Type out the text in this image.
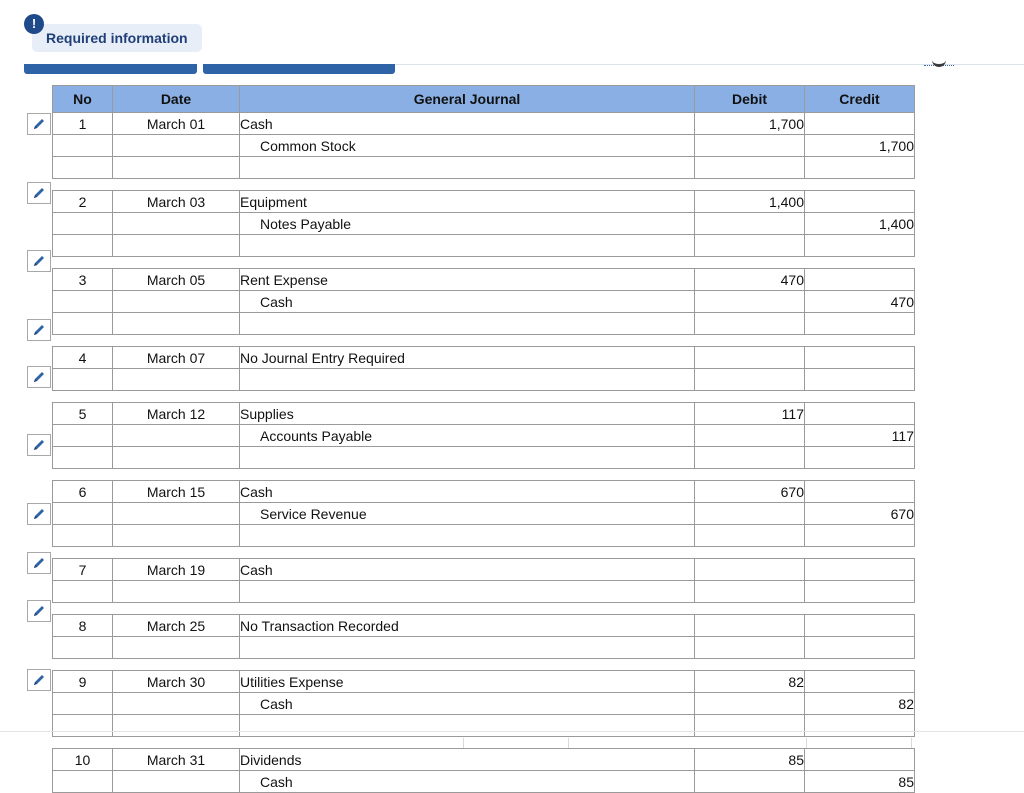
!
Required information
No	Date	General Journal	Debit	Credit
1	March 01	Cash	1,700	
		Common Stock		1,700

2	March 03	Equipment	1,400	
		Notes Payable		1,400

3	March 05	Rent Expense	470	
		Cash		470

4	March 07	No Journal Entry Required		

5	March 12	Supplies	117	
		Accounts Payable		117

6	March 15	Cash	670	
		Service Revenue		670

7	March 19	Cash		

8	March 25	No Transaction Recorded		

9	March 30	Utilities Expense	82	
		Cash		82

10	March 31	Dividends	85	
		Cash		85
